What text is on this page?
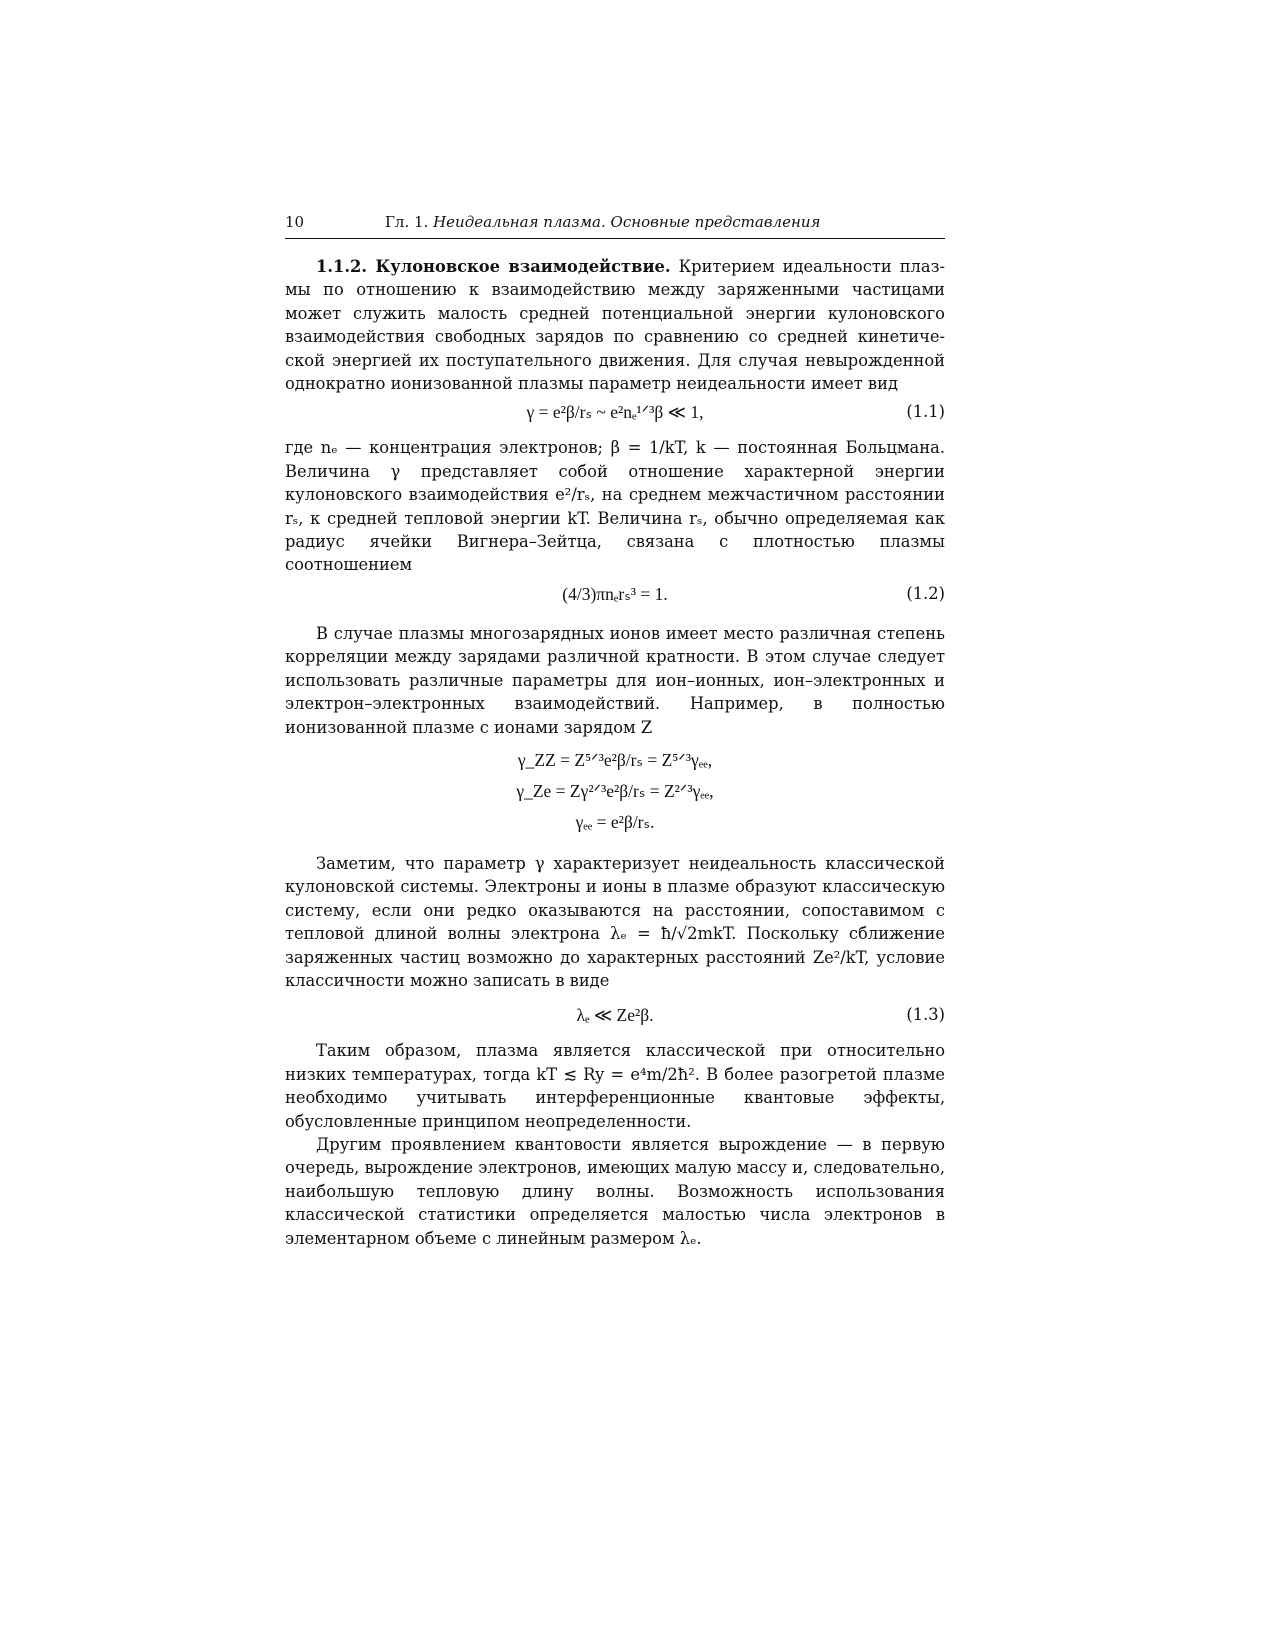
10	Гл. 1. Неидеальная плазма. Основные представления

1.1.2. Кулоновское взаимодействие. Критерием идеальности плазмы по отношению к взаимодействию между заряженными частицами может служить малость средней потенциальной энергии кулоновского взаимодействия свободных зарядов по сравнению со средней кинетической энергией их поступательного движения. Для случая невырожденной однократно ионизованной плазмы параметр неидеальности имеет вид

γ = e²β/rₛ ~ e²nₑ¹ᐟ³β ≪ 1,	(1.1)

где nₑ — концентрация электронов; β = 1/kT, k — постоянная Больцмана. Величина γ представляет собой отношение характерной энергии кулоновского взаимодействия e²/rₛ, на среднем межчастичном расстоянии rₛ, к средней тепловой энергии kT. Величина rₛ, обычно определяемая как радиус ячейки Вигнера–Зейтца, связана с плотностью плазмы соотношением

(4/3)πnₑrₛ³ = 1.	(1.2)

В случае плазмы многозарядных ионов имеет место различная степень корреляции между зарядами различной кратности. В этом случае следует использовать различные параметры для ион–ионных, ион–электронных и электрон–электронных взаимодействий. Например, в полностью ионизованной плазме с ионами зарядом Z

γ_ZZ = Z⁵ᐟ³e²β/rₛ = Z⁵ᐟ³γₑₑ,
γ_Ze = Zγ²ᐟ³e²β/rₛ = Z²ᐟ³γₑₑ,
γₑₑ = e²β/rₛ.

Заметим, что параметр γ характеризует неидеальность классической кулоновской системы. Электроны и ионы в плазме образуют классическую систему, если они редко оказываются на расстоянии, сопоставимом с тепловой длиной волны электрона λₑ = ħ/√2mkT. Поскольку сближение заряженных частиц возможно до характерных расстояний Ze²/kT, условие классичности можно записать в виде

λₑ ≪ Ze²β.	(1.3)

Таким образом, плазма является классической при относительно низких температурах, тогда kT ≲ Ry = e⁴m/2ħ². В более разогретой плазме необходимо учитывать интерференционные квантовые эффекты, обусловленные принципом неопределенности.

Другим проявлением квантовости является вырождение — в первую очередь, вырождение электронов, имеющих малую массу и, следовательно, наибольшую тепловую длину волны. Возможность использования классической статистики определяется малостью числа электронов в элементарном объеме с линейным размером λₑ.
